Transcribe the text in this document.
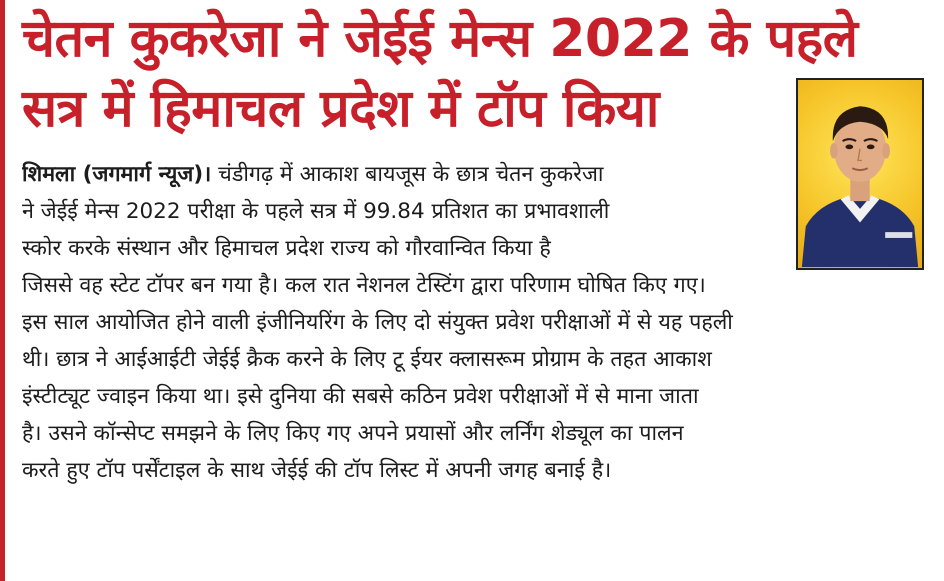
चेतन कुकरेजा ने जेईई मेन्स 2022 के पहले
सत्र में हिमाचल प्रदेश में टॉप किया
शिमला (जगमार्ग न्यूज)। चंडीगढ़ में आकाश बायजूस के छात्र चेतन कुकरेजा
ने जेईई मेन्स 2022 परीक्षा के पहले सत्र में 99.84 प्रतिशत का प्रभावशाली
स्कोर करके संस्थान और हिमाचल प्रदेश राज्य को गौरवान्वित किया है
जिससे वह स्टेट टॉपर बन गया है। कल रात नेशनल टेस्टिंग द्वारा परिणाम घोषित किए गए।
इस साल आयोजित होने वाली इंजीनियरिंग के लिए दो संयुक्त प्रवेश परीक्षाओं में से यह पहली
थी। छात्र ने आईआईटी जेईई क्रैक करने के लिए टू ईयर क्लासरूम प्रोग्राम के तहत आकाश
इंस्टीट्यूट ज्वाइन किया था। इसे दुनिया की सबसे कठिन प्रवेश परीक्षाओं में से माना जाता
है। उसने कॉन्सेप्ट समझने के लिए किए गए अपने प्रयासों और लर्निंग शेड्यूल का पालन
करते हुए टॉप पर्सेंटाइल के साथ जेईई की टॉप लिस्ट में अपनी जगह बनाई है।
